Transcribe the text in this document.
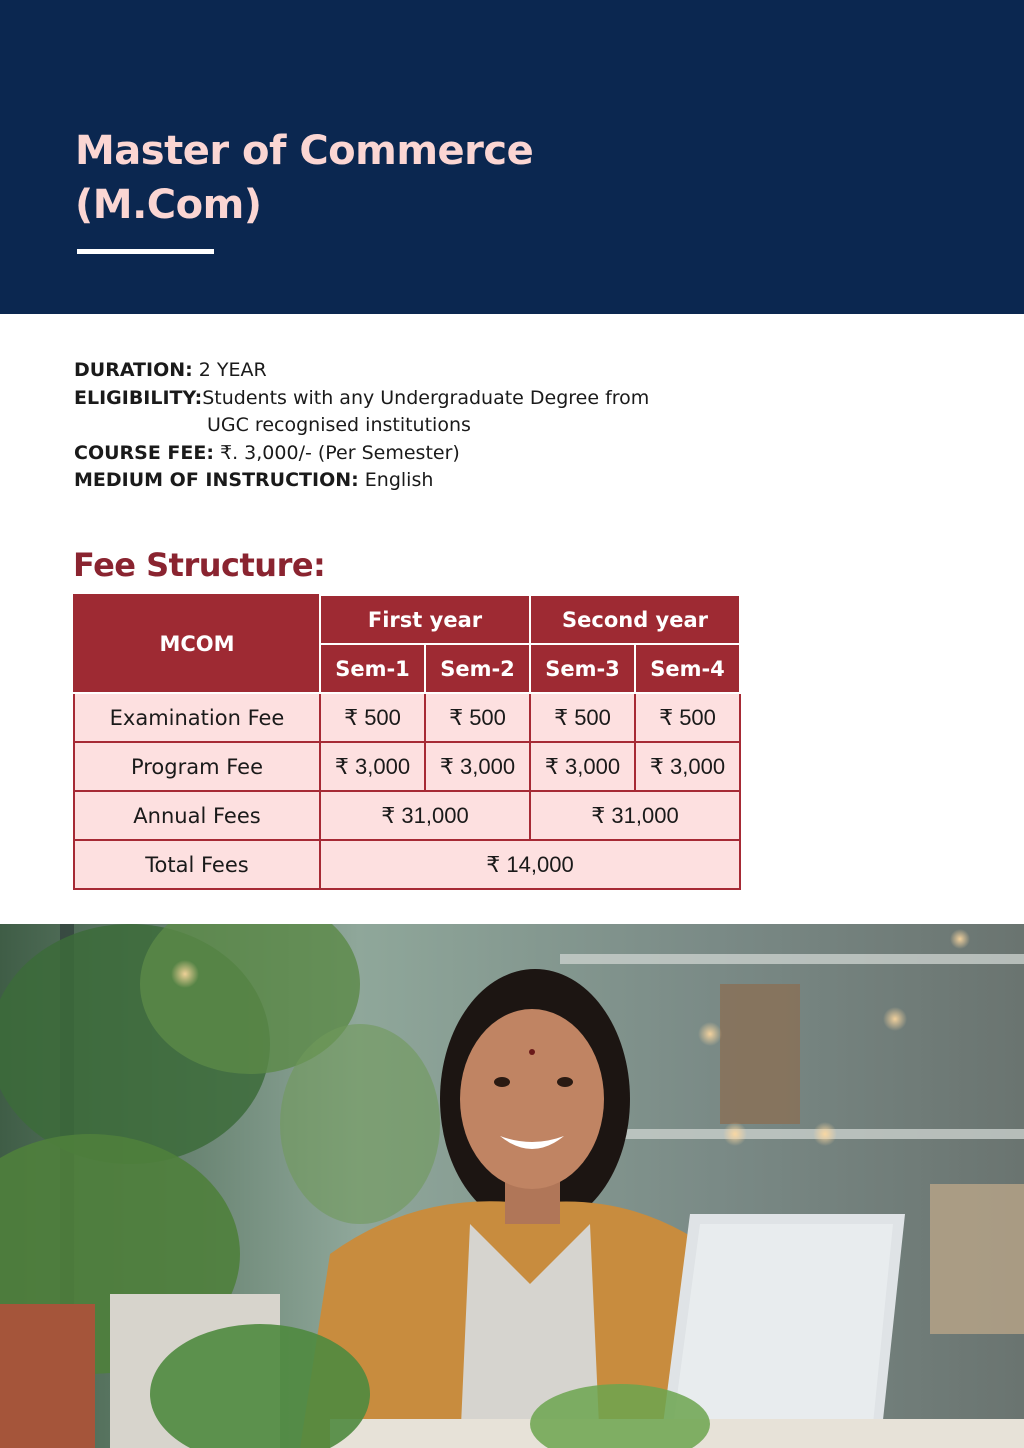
Master of Commerce
(M.Com)
DURATION: 2 YEAR
ELIGIBILITY:Students with any Undergraduate Degree from
UGC recognised institutions
COURSE FEE: ₹. 3,000/- (Per Semester)
MEDIUM OF INSTRUCTION: English
Fee Structure:
MCOM	First year		Second year	
	Sem-1	Sem-2	Sem-3	Sem-4
Examination Fee	₹ 500	₹ 500	₹ 500	₹ 500
Program Fee	₹ 3,000	₹ 3,000	₹ 3,000	₹ 3,000
Annual Fees	₹ 31,000		₹ 31,000	
Total Fees	₹ 14,000			
